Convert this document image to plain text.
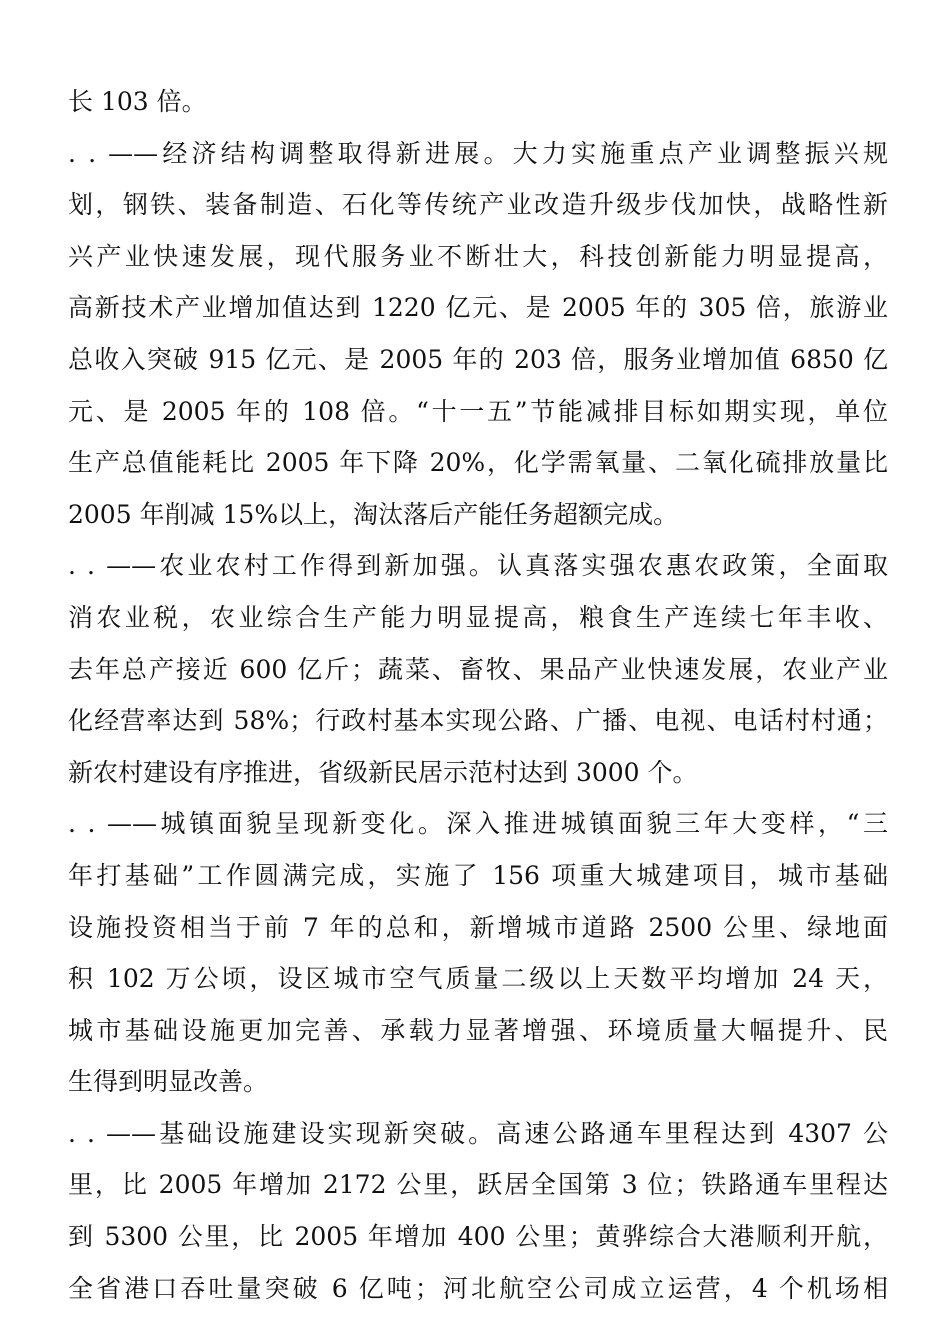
长 103 倍。
. . ——经济结构调整取得新进展。大力实施重点产业调整振兴规
划，钢铁、装备制造、石化等传统产业改造升级步伐加快，战略性新
兴产业快速发展，现代服务业不断壮大，科技创新能力明显提高，
高新技术产业增加值达到 1220 亿元、是 2005 年的 305 倍，旅游业
总收入突破 915 亿元、是 2005 年的 203 倍，服务业增加值 6850 亿
元、是 2005 年的 108 倍。“十一五”节能减排目标如期实现，单位
生产总值能耗比 2005 年下降 20%，化学需氧量、二氧化硫排放量比
2005 年削减 15%以上，淘汰落后产能任务超额完成。
. . ——农业农村工作得到新加强。认真落实强农惠农政策，全面取
消农业税，农业综合生产能力明显提高，粮食生产连续七年丰收、
去年总产接近 600 亿斤；蔬菜、畜牧、果品产业快速发展，农业产业
化经营率达到 58%；行政村基本实现公路、广播、电视、电话村村通；
新农村建设有序推进，省级新民居示范村达到 3000 个。
. . ——城镇面貌呈现新变化。深入推进城镇面貌三年大变样，“三
年打基础”工作圆满完成，实施了 156 项重大城建项目，城市基础
设施投资相当于前 7 年的总和，新增城市道路 2500 公里、绿地面
积 102 万公顷，设区城市空气质量二级以上天数平均增加 24 天，
城市基础设施更加完善、承载力显著增强、环境质量大幅提升、民
生得到明显改善。
. . ——基础设施建设实现新突破。高速公路通车里程达到 4307 公
里，比 2005 年增加 2172 公里，跃居全国第 3 位；铁路通车里程达
到 5300 公里，比 2005 年增加 400 公里；黄骅综合大港顺利开航，
全省港口吞吐量突破 6 亿吨；河北航空公司成立运营，4 个机场相
